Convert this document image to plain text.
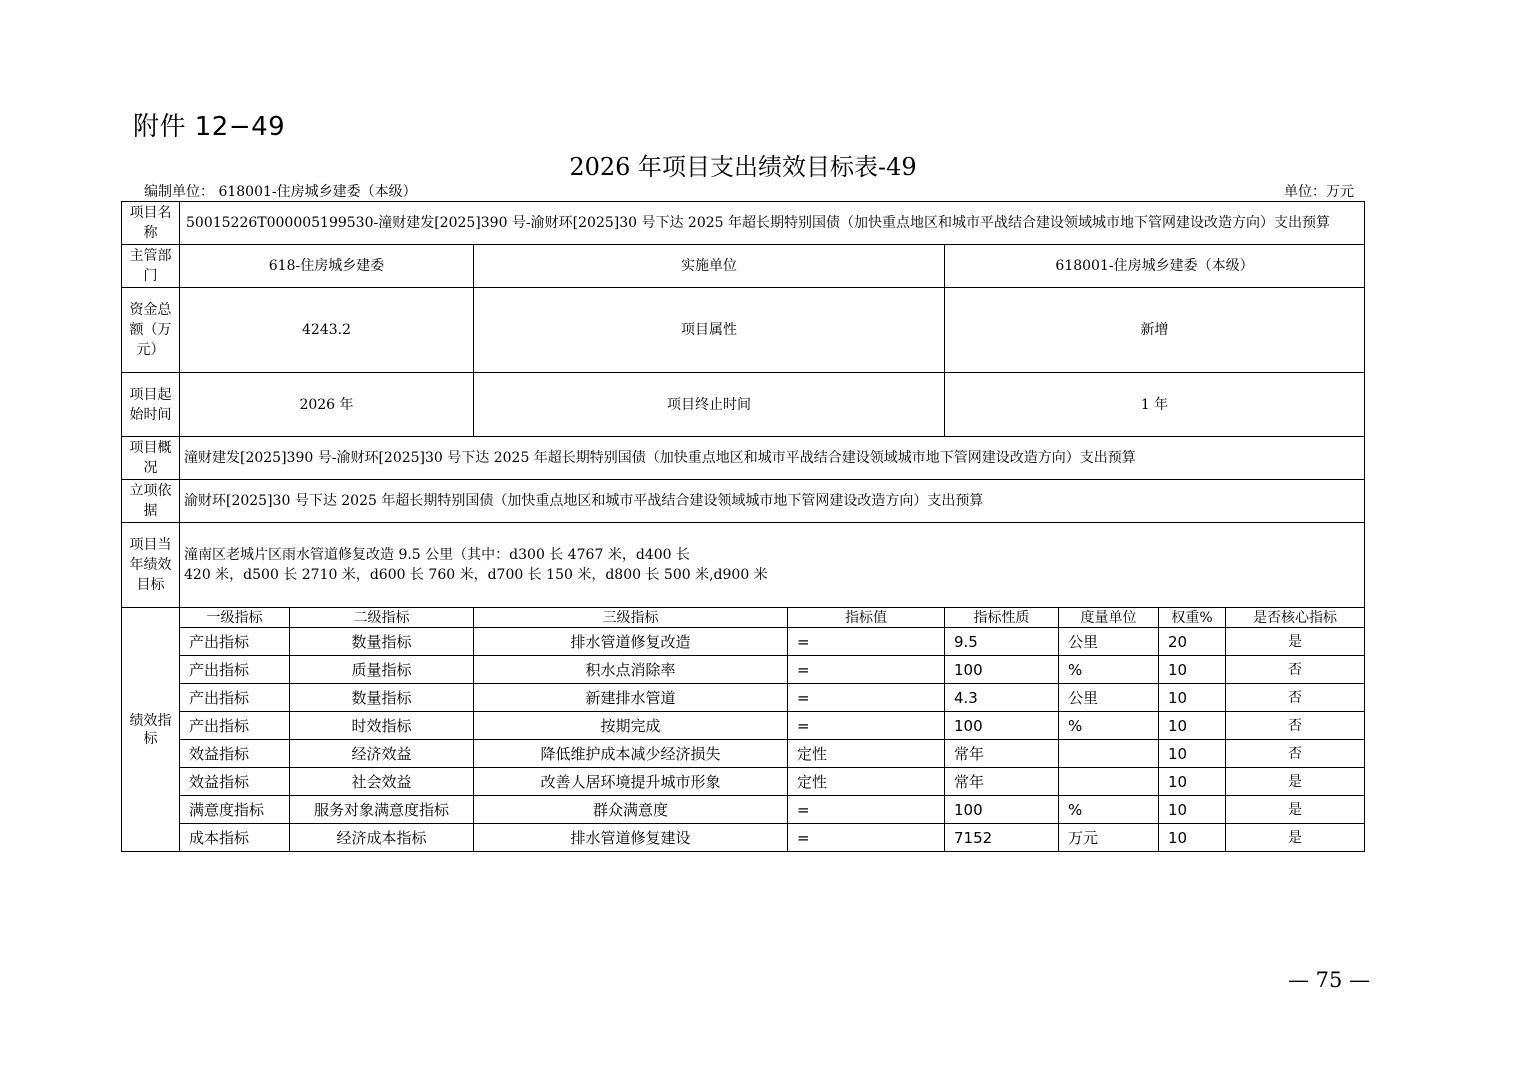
附件 12−49
2026 年项目支出绩效目标表-49
编制单位： 618001-住房城乡建委（本级）	单位：万元
项目名称	50015226T000005199530-潼财建发[2025]390 号-渝财环[2025]30 号下达 2025 年超长期特别国债（加快重点地区和城市平战结合建设领域城市地下管网建设改造方向）支出预算							
主管部门	618-住房城乡建委		实施单位		618001-住房城乡建委（本级）			
资金总额（万元）	4243.2		项目属性		新增			
项目起始时间	2026 年		项目终止时间		1 年			
项目概况	潼财建发[2025]390 号-渝财环[2025]30 号下达 2025 年超长期特别国债（加快重点地区和城市平战结合建设领域城市地下管网建设改造方向）支出预算							
立项依据	渝财环[2025]30 号下达 2025 年超长期特别国债（加快重点地区和城市平战结合建设领域城市地下管网建设改造方向）支出预算							
项目当年绩效目标	潼南区老城片区雨水管道修复改造 9.5 公里（其中：d300 长 4767 米，d400 长
420 米，d500 长 2710 米，d600 长 760 米，d700 长 150 米，d800 长 500 米,d900 米							

绩效指标	一级指标	二级指标	三级指标	指标值	指标性质	度量单位	权重%	是否核心指标
	产出指标	数量指标	排水管道修复改造	=	9.5	公里	20	是
	产出指标	质量指标	积水点消除率	=	100	%	10	否
	产出指标	数量指标	新建排水管道	=	4.3	公里	10	否
	产出指标	时效指标	按期完成	=	100	%	10	否
	效益指标	经济效益	降低维护成本减少经济损失	定性	常年		10	否
	效益指标	社会效益	改善人居环境提升城市形象	定性	常年		10	是
	满意度指标	服务对象满意度指标	群众满意度	=	100	%	10	是
	成本指标	经济成本指标	排水管道修复建设	=	7152	万元	10	是
— 75 —
